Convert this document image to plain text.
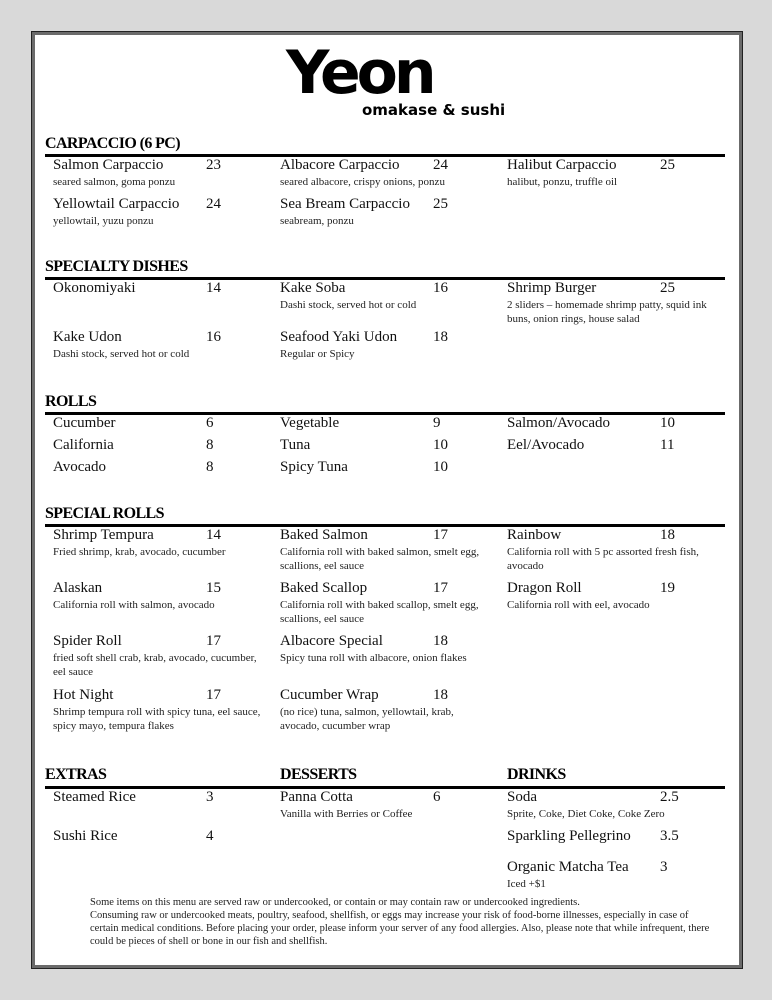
Yeon
omakase & sushi
CARPACCIO (6 PC)
Salmon Carpaccio	23
seared salmon, goma ponzu
Yellowtail Carpaccio 24
yellowtail, yuzu ponzu
Albacore Carpaccio 24
seared albacore, crispy onions, ponzu
Sea Bream Carpaccio 25
seabream, ponzu
Halibut Carpaccio	25
halibut, ponzu, truffle oil
SPECIALTY DISHES
Okonomiyaki	14
Kake Udon	16
Dashi stock, served hot or cold
Kake Soba	16
Dashi stock, served hot or cold
Seafood Yaki Udon 18
Regular or Spicy
Shrimp Burger	25
2 sliders – homemade shrimp patty, squid ink buns, onion rings, house salad
ROLLS
Cucumber	6
California	8
Avocado	8
Vegetable	9
Tuna	10
Spicy Tuna	10
Salmon/Avocado	10
Eel/Avocado	11
SPECIAL ROLLS
Shrimp Tempura	14
Fried shrimp, krab, avocado, cucumber
Alaskan	15
California roll with salmon, avocado
Spider Roll	17
fried soft shell crab, krab, avocado, cucumber, eel sauce
Hot Night	17
Shrimp tempura roll with spicy tuna, eel sauce, spicy mayo, tempura flakes
Baked Salmon	17
California roll with baked salmon, smelt egg, scallions, eel sauce
Baked Scallop	17
California roll with baked scallop, smelt egg, scallions, eel sauce
Albacore Special	18
Spicy tuna roll with albacore, onion flakes
Cucumber Wrap	18
(no rice) tuna, salmon, yellowtail, krab, avocado, cucumber wrap
Rainbow	18
California roll with 5 pc assorted fresh fish, avocado
Dragon Roll	19
California roll with eel, avocado
EXTRAS
Steamed Rice	3
Sushi Rice	4
DESSERTS
Panna Cotta	6
Vanilla with Berries or Coffee
DRINKS
Soda	2.5
Sprite, Coke, Diet Coke, Coke Zero
Sparkling Pellegrino 3.5
Organic Matcha Tea 3
Iced +$1

Some items on this menu are served raw or undercooked, or contain or may contain raw or undercooked ingredients.

Consuming raw or undercooked meats, poultry, seafood, shellfish, or eggs may increase your risk of food-borne illnesses, especially in case of certain medical conditions. Before placing your order, please inform your server of any food allergies. Also, please note that while infrequent, there could be pieces of shell or bone in our fish and shellfish.
